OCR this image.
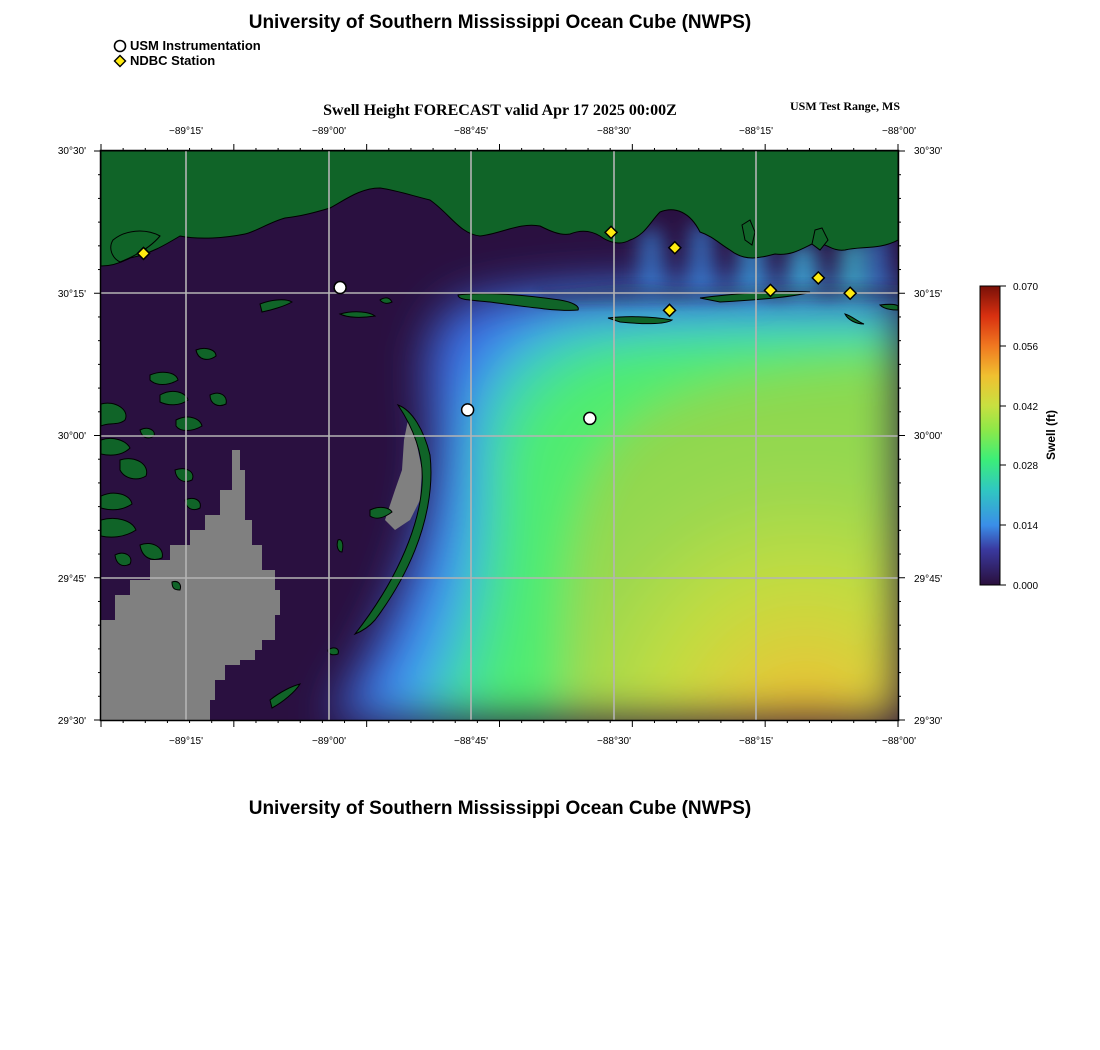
University of Southern Mississippi Ocean Cube (NWPS)
USM Instrumentation
NDBC Station
Swell Height FORECAST valid Apr 17 2025 00:00Z	USM Test Range, MS
−89°15'	−89°00'	−88°45'	−88°30'	−88°15'	−88°00'
−89°15'	−89°00'	−88°45'	−88°30'	−88°15'	−88°00'
30°30'
30°15'
30°00'
29°45'
29°30'
30°30'
30°15'
30°00'
29°45'
29°30'
0.070
0.056
0.042
0.028
0.014
0.000
Swell (ft)
University of Southern Mississippi Ocean Cube (NWPS)
